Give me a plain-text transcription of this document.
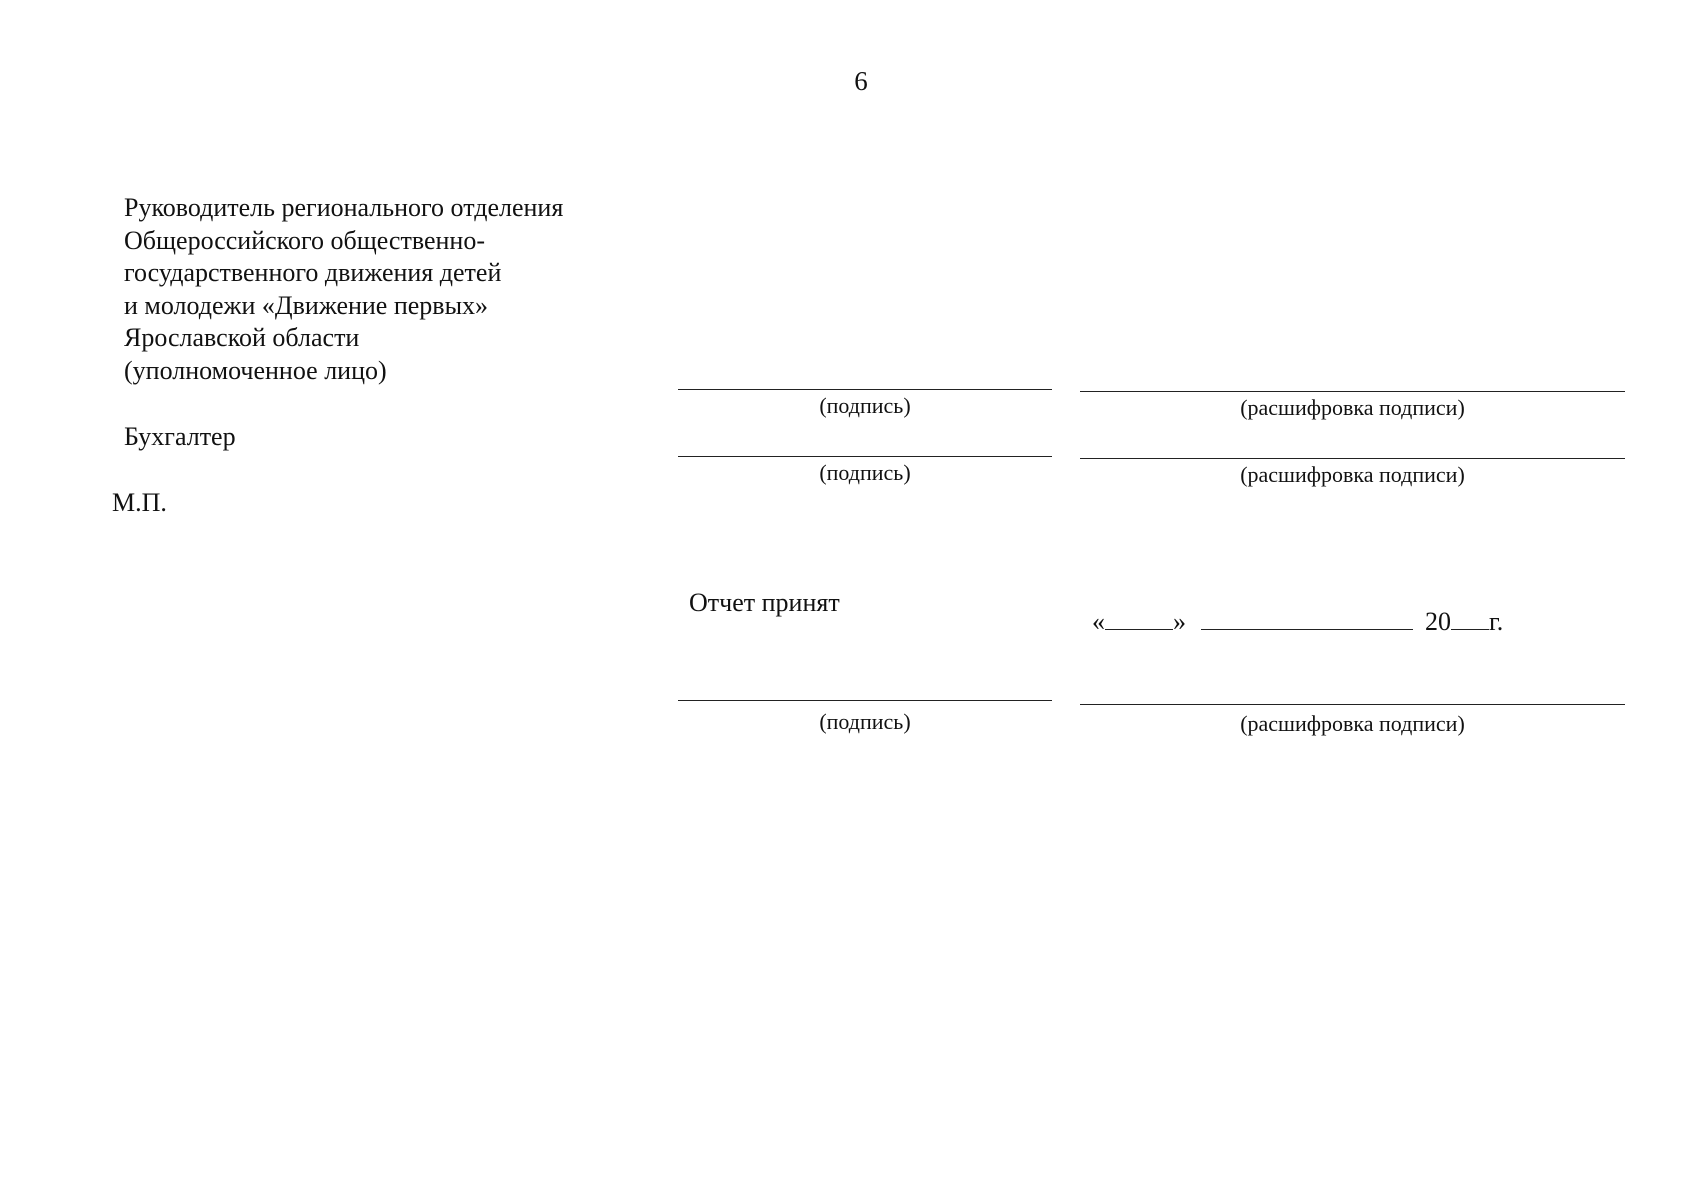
6
Руководитель регионального отделения
Общероссийского общественно-
государственного движения детей
и молодежи «Движение первых»
Ярославской области
(уполномоченное лицо)
(подпись)	(расшифровка подписи)
Бухгалтер
(подпись)	(расшифровка подписи)
М.П.
Отчет принят
«	»	20 г.
(подпись)	(расшифровка подписи)
